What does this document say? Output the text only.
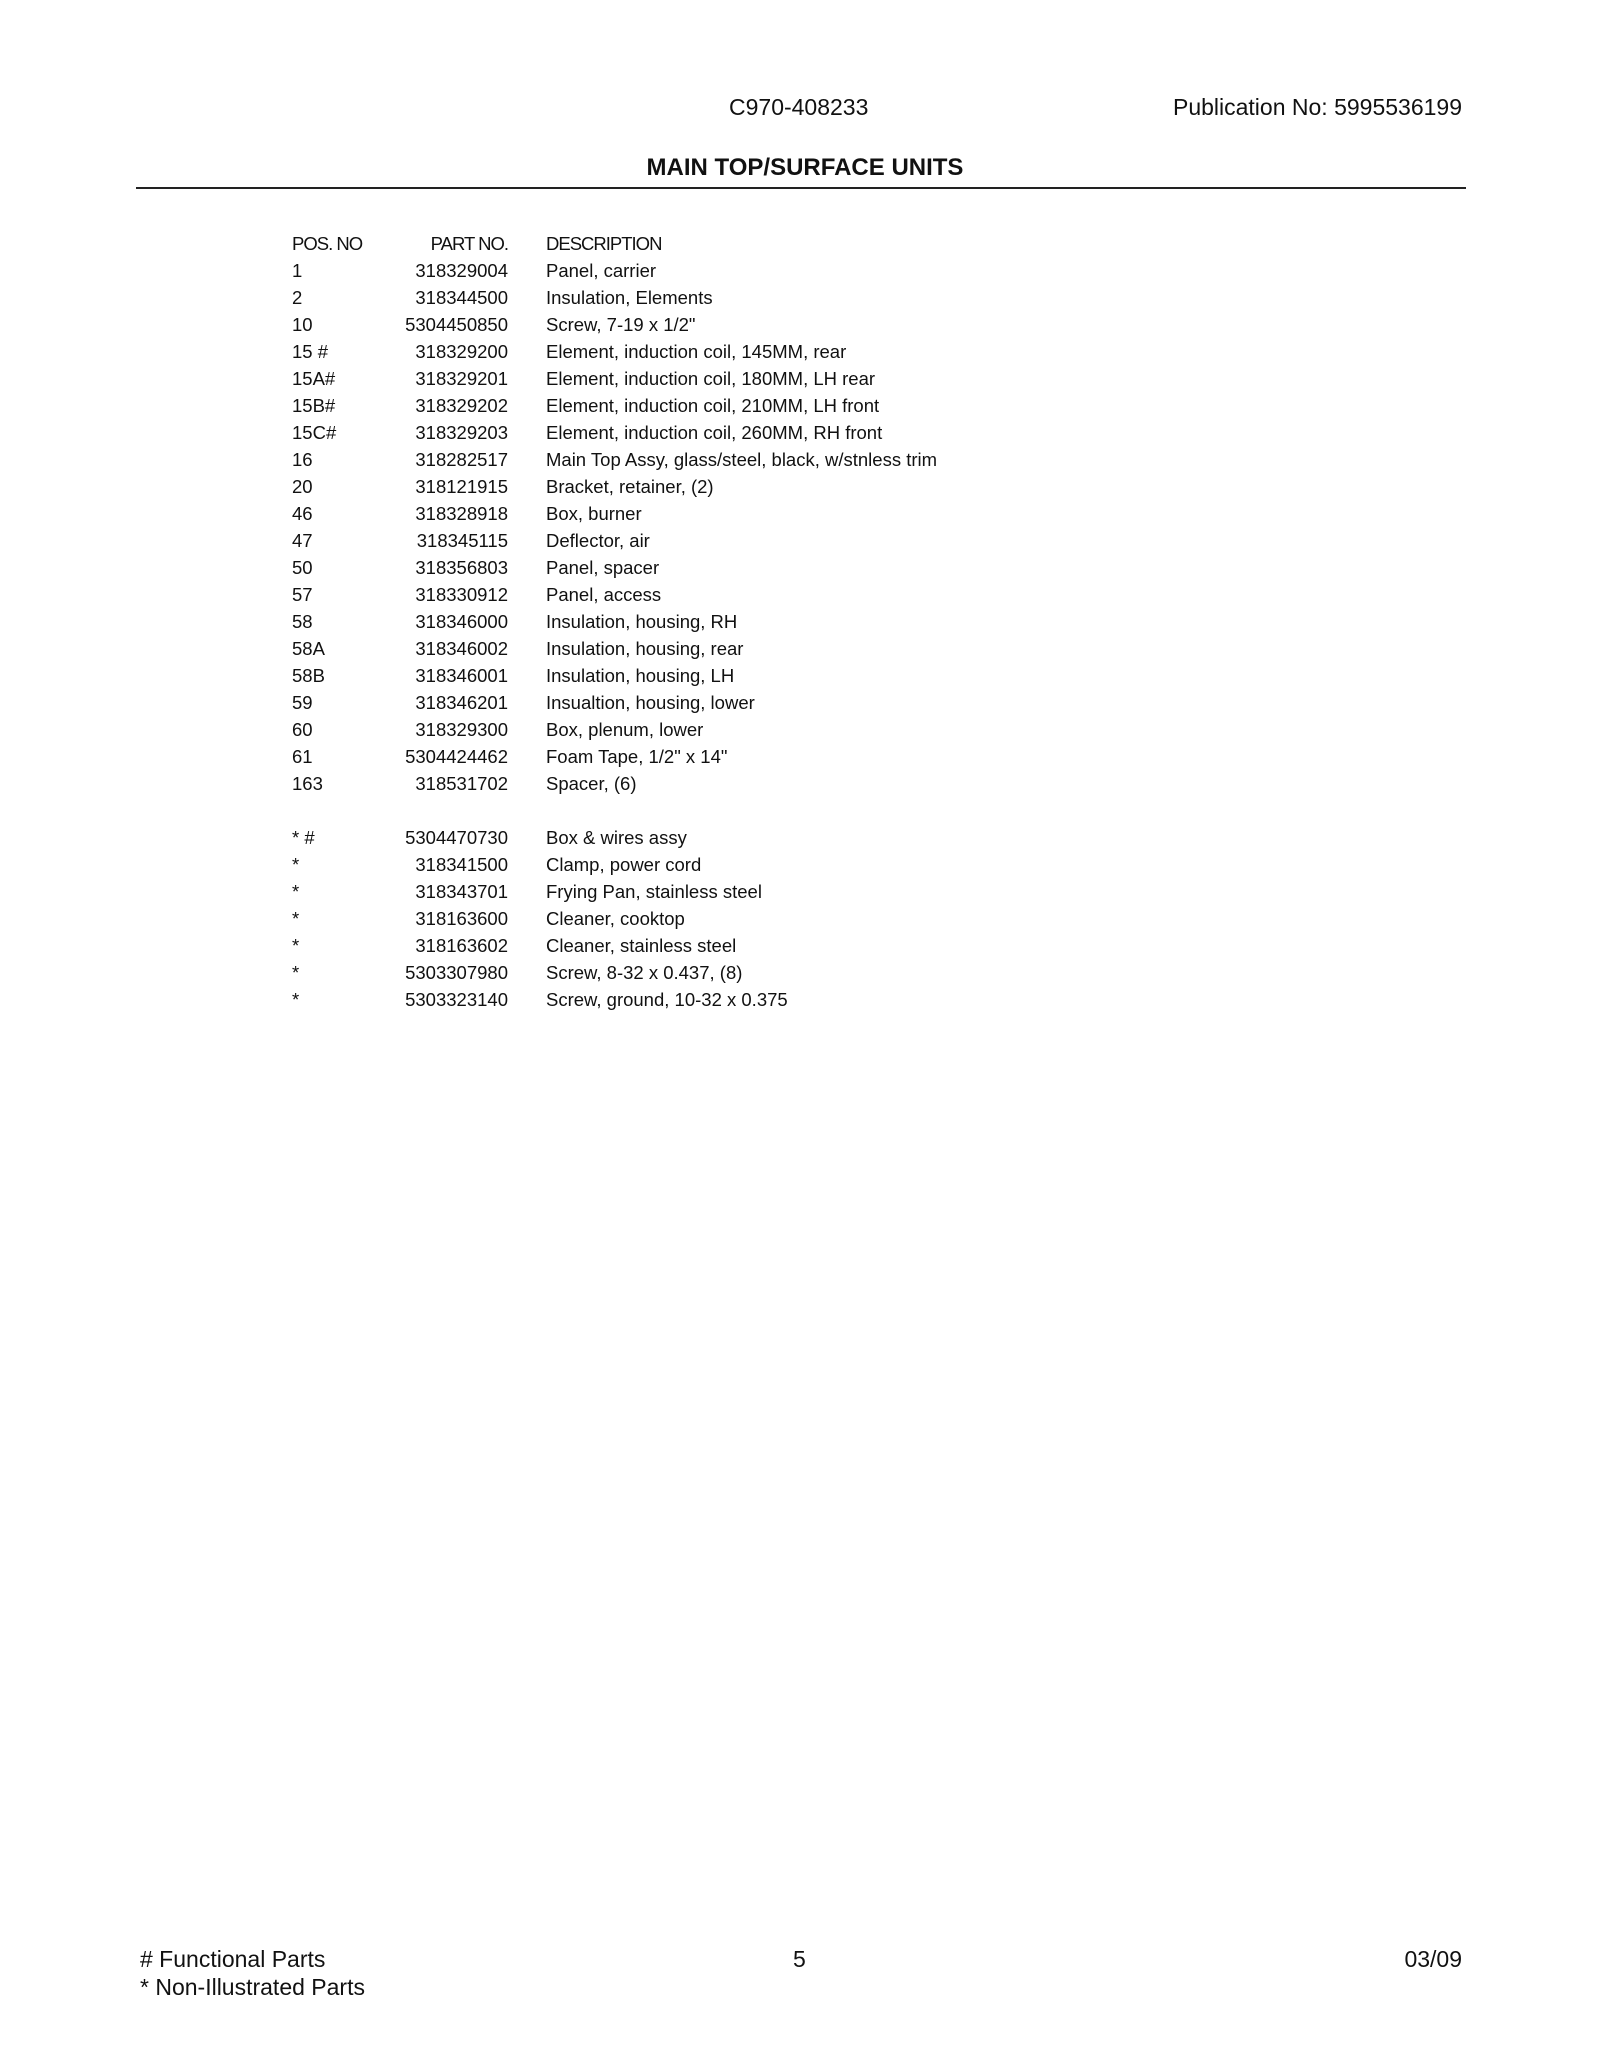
C970-408233	Publication No: 5995536199
MAIN TOP/SURFACE UNITS
POS. NO	PART NO. DESCRIPTION
1	318329004 Panel, carrier
2	318344500 Insulation, Elements
10	5304450850 Screw, 7-19 x 1/2"
15 #	318329200 Element, induction coil, 145MM, rear
15A#	318329201 Element, induction coil, 180MM, LH rear
15B#	318329202 Element, induction coil, 210MM, LH front
15C#	318329203 Element, induction coil, 260MM, RH front
16	318282517 Main Top Assy, glass/steel, black, w/stnless trim
20	318121915 Bracket, retainer, (2)
46	318328918 Box, burner
47	318345115 Deflector, air
50	318356803 Panel, spacer
57	318330912 Panel, access
58	318346000 Insulation, housing, RH
58A	318346002 Insulation, housing, rear
58B	318346001 Insulation, housing, LH
59	318346201 Insualtion, housing, lower
60	318329300 Box, plenum, lower
61	5304424462 Foam Tape, 1/2" x 14"
163	318531702 Spacer, (6)
* #	5304470730 Box & wires assy
*	318341500 Clamp, power cord
*	318343701 Frying Pan, stainless steel
*	318163600 Cleaner, cooktop
*	318163602 Cleaner, stainless steel
*	5303307980 Screw, 8-32 x 0.437, (8)
*	5303323140 Screw, ground, 10-32 x 0.375
# Functional Parts
* Non-Illustrated Parts
5	03/09
